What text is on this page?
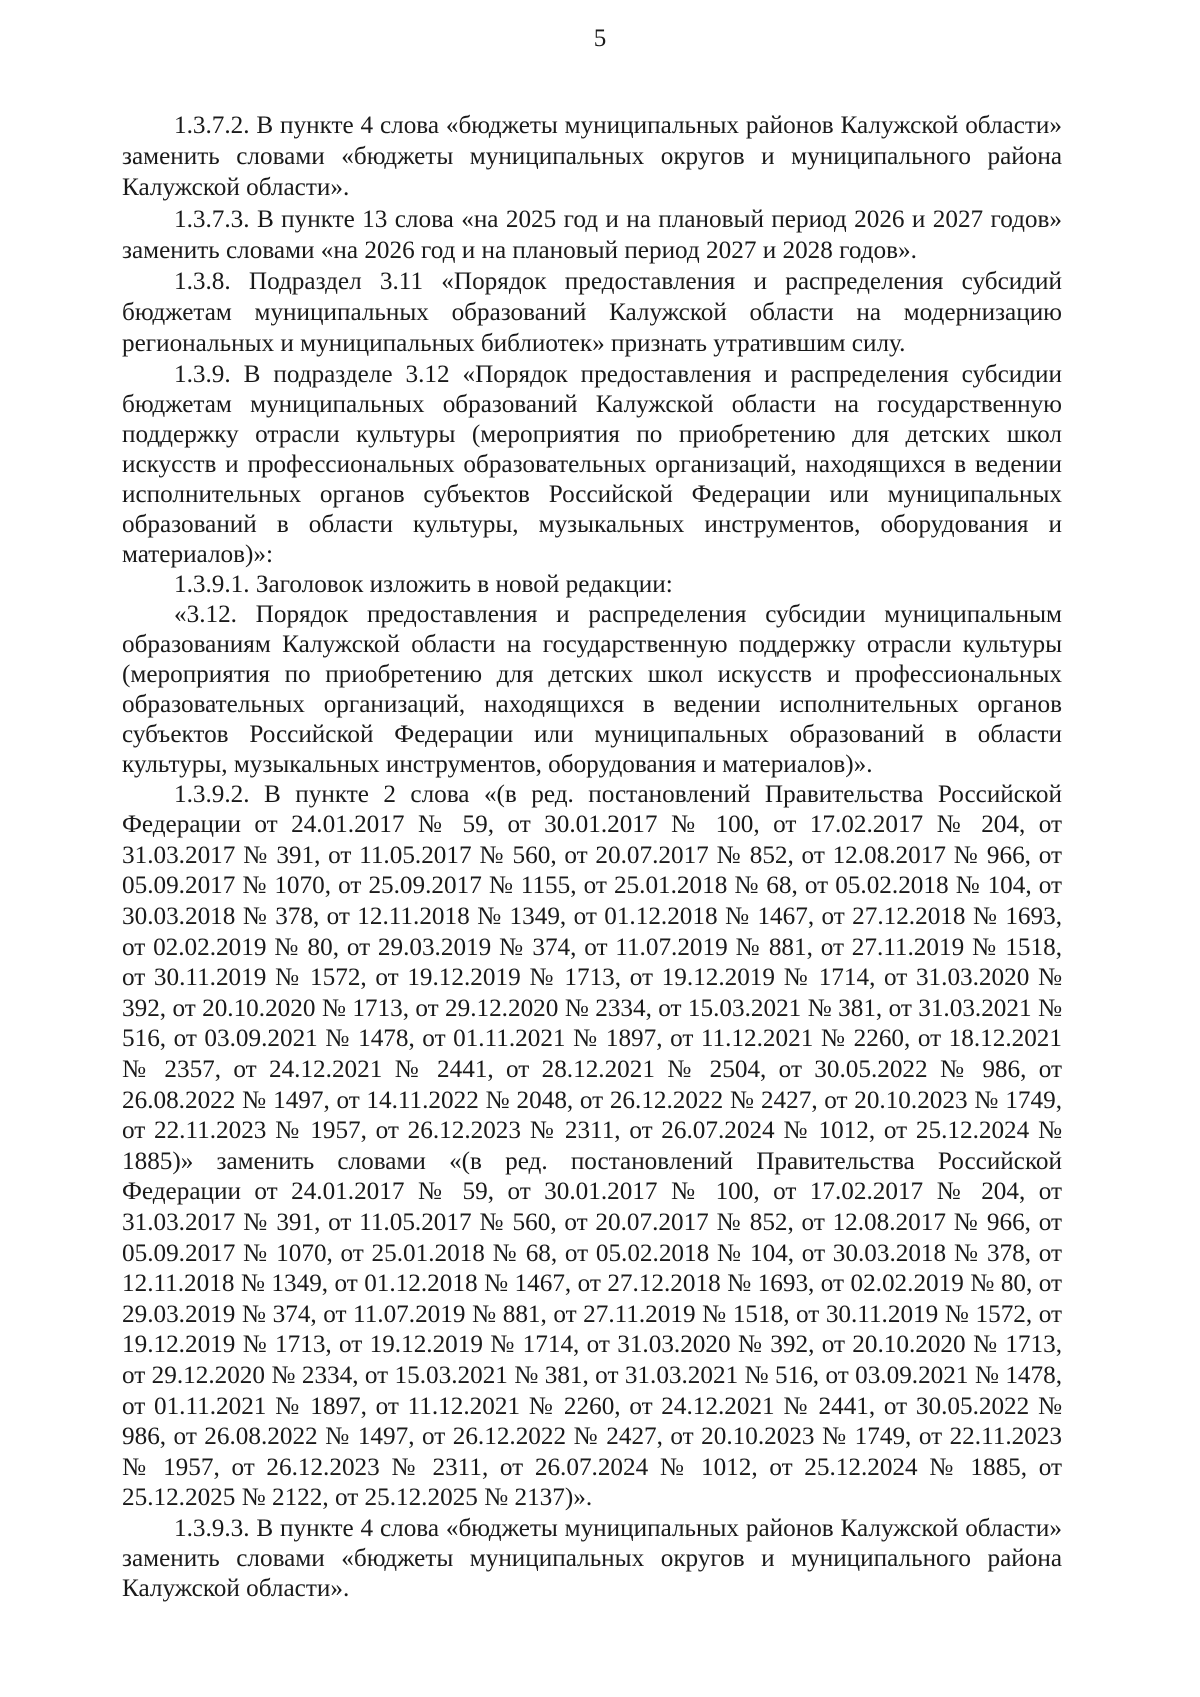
5

1.3.7.2. В пункте 4 слова «бюджеты муниципальных районов Калужской области» заменить словами «бюджеты муниципальных округов и муниципального района Калужской области».

1.3.7.3. В пункте 13 слова «на 2025 год и на плановый период 2026 и 2027 годов» заменить словами «на 2026 год и на плановый период 2027 и 2028 годов».

1.3.8. Подраздел 3.11 «Порядок предоставления и распределения субсидий бюджетам муниципальных образований Калужской области на модернизацию региональных и муниципальных библиотек» признать утратившим силу.

1.3.9. В подразделе 3.12 «Порядок предоставления и распределения субсидии бюджетам муниципальных образований Калужской области на государственную поддержку отрасли культуры (мероприятия по приобретению для детских школ искусств и профессиональных образовательных организаций, находящихся в ведении исполнительных органов субъектов Российской Федерации или муниципальных образований в области культуры, музыкальных инструментов, оборудования и материалов)»:

1.3.9.1. Заголовок изложить в новой редакции:

«3.12. Порядок предоставления и распределения субсидии муниципальным образованиям Калужской области на государственную поддержку отрасли культуры (мероприятия по приобретению для детских школ искусств и профессиональных образовательных организаций, находящихся в ведении исполнительных органов субъектов Российской Федерации или муниципальных образований в области культуры, музыкальных инструментов, оборудования и материалов)».

1.3.9.2. В пункте 2 слова «(в ред. постановлений Правительства Российской Федерации от 24.01.2017 № 59, от 30.01.2017 № 100, от 17.02.2017 № 204, от 31.03.2017 № 391, от 11.05.2017 № 560, от 20.07.2017 № 852, от 12.08.2017 № 966, от 05.09.2017 № 1070, от 25.09.2017 № 1155, от 25.01.2018 № 68, от 05.02.2018 № 104, от 30.03.2018 № 378, от 12.11.2018 № 1349, от 01.12.2018 № 1467, от 27.12.2018 № 1693, от 02.02.2019 № 80, от 29.03.2019 № 374, от 11.07.2019 № 881, от 27.11.2019 № 1518, от 30.11.2019 № 1572, от 19.12.2019 № 1713, от 19.12.2019 № 1714, от 31.03.2020 № 392, от 20.10.2020 № 1713, от 29.12.2020 № 2334, от 15.03.2021 № 381, от 31.03.2021 № 516, от 03.09.2021 № 1478, от 01.11.2021 № 1897, от 11.12.2021 № 2260, от 18.12.2021 № 2357, от 24.12.2021 № 2441, от 28.12.2021 № 2504, от 30.05.2022 № 986, от 26.08.2022 № 1497, от 14.11.2022 № 2048, от 26.12.2022 № 2427, от 20.10.2023 № 1749, от 22.11.2023 № 1957, от 26.12.2023 № 2311, от 26.07.2024 № 1012, от 25.12.2024 № 1885)» заменить словами «(в ред. постановлений Правительства Российской Федерации от 24.01.2017 № 59, от 30.01.2017 № 100, от 17.02.2017 № 204, от 31.03.2017 № 391, от 11.05.2017 № 560, от 20.07.2017 № 852, от 12.08.2017 № 966, от 05.09.2017 № 1070, от 25.01.2018 № 68, от 05.02.2018 № 104, от 30.03.2018 № 378, от 12.11.2018 № 1349, от 01.12.2018 № 1467, от 27.12.2018 № 1693, от 02.02.2019 № 80, от 29.03.2019 № 374, от 11.07.2019 № 881, от 27.11.2019 № 1518, от 30.11.2019 № 1572, от 19.12.2019 № 1713, от 19.12.2019 № 1714, от 31.03.2020 № 392, от 20.10.2020 № 1713, от 29.12.2020 № 2334, от 15.03.2021 № 381, от 31.03.2021 № 516, от 03.09.2021 № 1478, от 01.11.2021 № 1897, от 11.12.2021 № 2260, от 24.12.2021 № 2441, от 30.05.2022 № 986, от 26.08.2022 № 1497, от 26.12.2022 № 2427, от 20.10.2023 № 1749, от 22.11.2023 № 1957, от 26.12.2023 № 2311, от 26.07.2024 № 1012, от 25.12.2024 № 1885, от 25.12.2025 № 2122, от 25.12.2025 № 2137)».

1.3.9.3. В пункте 4 слова «бюджеты муниципальных районов Калужской области» заменить словами «бюджеты муниципальных округов и муниципального района Калужской области».
